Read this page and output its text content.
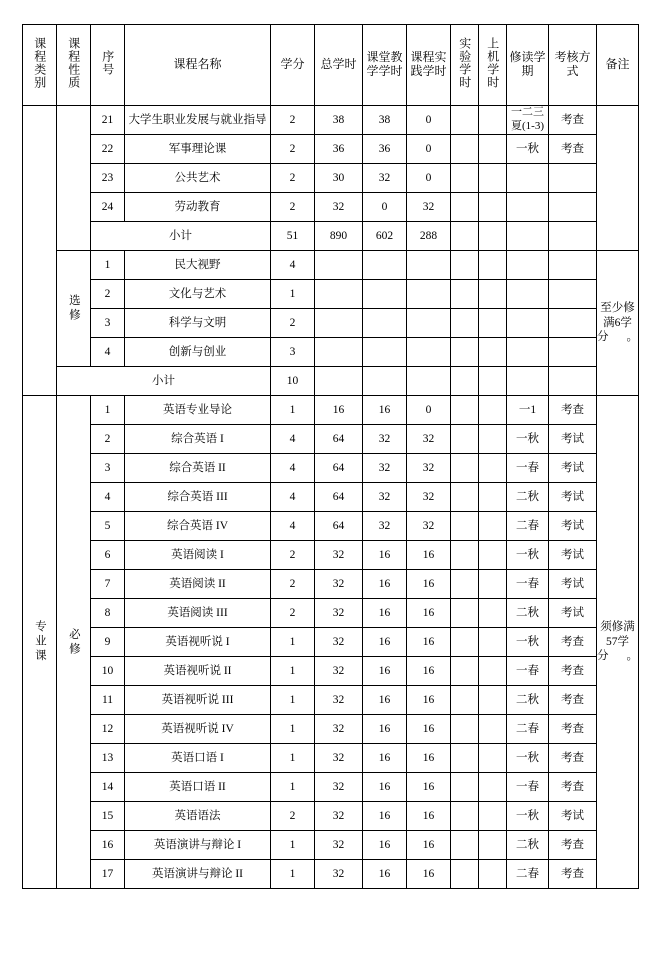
课程类别	课程性质	序号	课程名称	学分	总学时	课堂教学学时	课程实践学时	实验学时	上机学时	修读学期	考核方式	备注

		21	大学生职业发展与就业指导	2	38	38	0			一二三夏(1-3)	考查	
		22	军事理论课	2	36	36	0			一秋	考查	
		23	公共艺术	2	30	32	0					
		24	劳动教育	2	32	0	32					
		小计		51	890	602	288					

	选修	1	民大视野	4								至少修满6学分。
		2	文化与艺术	1								
		3	科学与文明	2								
		4	创新与创业	3								
	小计			10								

专业课	必修	1	英语专业导论	1	16	16	0			一1	考查	须修满57学分。
		2	综合英语 I	4	64	32	32			一秋	考试	
		3	综合英语 II	4	64	32	32			一春	考试	
		4	综合英语 III	4	64	32	32			二秋	考试	
		5	综合英语 IV	4	64	32	32			二春	考试	
		6	英语阅读 I	2	32	16	16			一秋	考试	
		7	英语阅读 II	2	32	16	16			一春	考试	
		8	英语阅读 III	2	32	16	16			二秋	考试	
		9	英语视听说 I	1	32	16	16			一秋	考查	
		10	英语视听说 II	1	32	16	16			一春	考查	
		11	英语视听说 III	1	32	16	16			二秋	考查	
		12	英语视听说 IV	1	32	16	16			二春	考查	
		13	英语口语 I	1	32	16	16			一秋	考查	
		14	英语口语 II	1	32	16	16			一春	考查	
		15	英语语法	2	32	16	16			一秋	考试	
		16	英语演讲与辩论 I	1	32	16	16			二秋	考查	
		17	英语演讲与辩论 II	1	32	16	16			二春	考查	
